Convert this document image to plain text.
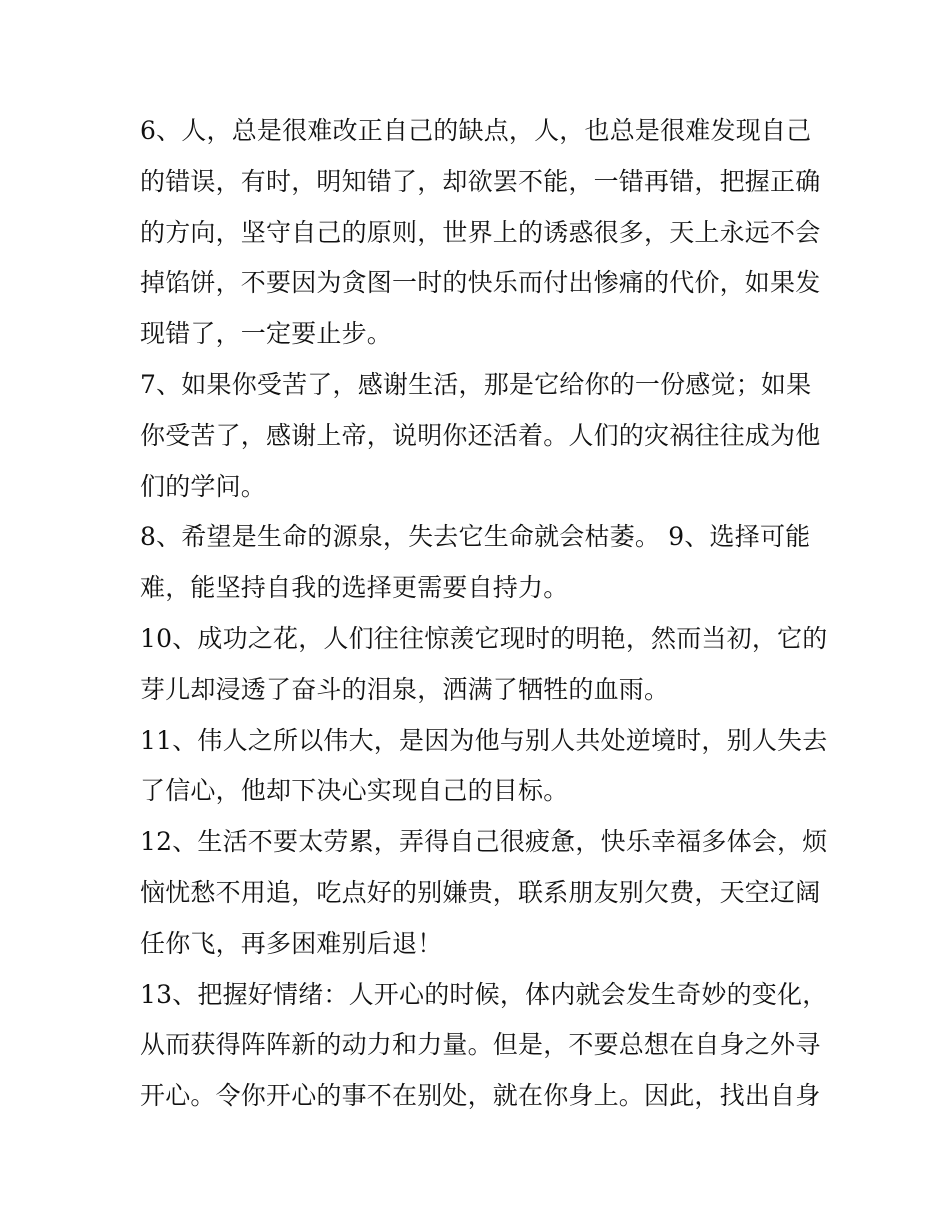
6、人，总是很难改正自己的缺点，人，也总是很难发现自己
的错误，有时，明知错了，却欲罢不能，一错再错，把握正确
的方向，坚守自己的原则，世界上的诱惑很多，天上永远不会
掉馅饼，不要因为贪图一时的快乐而付出惨痛的代价，如果发
现错了，一定要止步。
7、如果你受苦了，感谢生活，那是它给你的一份感觉；如果
你受苦了，感谢上帝，说明你还活着。人们的灾祸往往成为他
们的学问。
8、希望是生命的源泉，失去它生命就会枯萎。 9、选择可能
难，能坚持自我的选择更需要自持力。
10、成功之花，人们往往惊羡它现时的明艳，然而当初，它的
芽儿却浸透了奋斗的泪泉，洒满了牺牲的血雨。
11、伟人之所以伟大，是因为他与别人共处逆境时，别人失去
了信心，他却下决心实现自己的目标。
12、生活不要太劳累，弄得自己很疲惫，快乐幸福多体会，烦
恼忧愁不用追，吃点好的别嫌贵，联系朋友别欠费，天空辽阔
任你飞，再多困难别后退！
13、把握好情绪：人开心的时候，体内就会发生奇妙的变化，
从而获得阵阵新的动力和力量。但是，不要总想在自身之外寻
开心。令你开心的事不在别处，就在你身上。因此，找出自身
